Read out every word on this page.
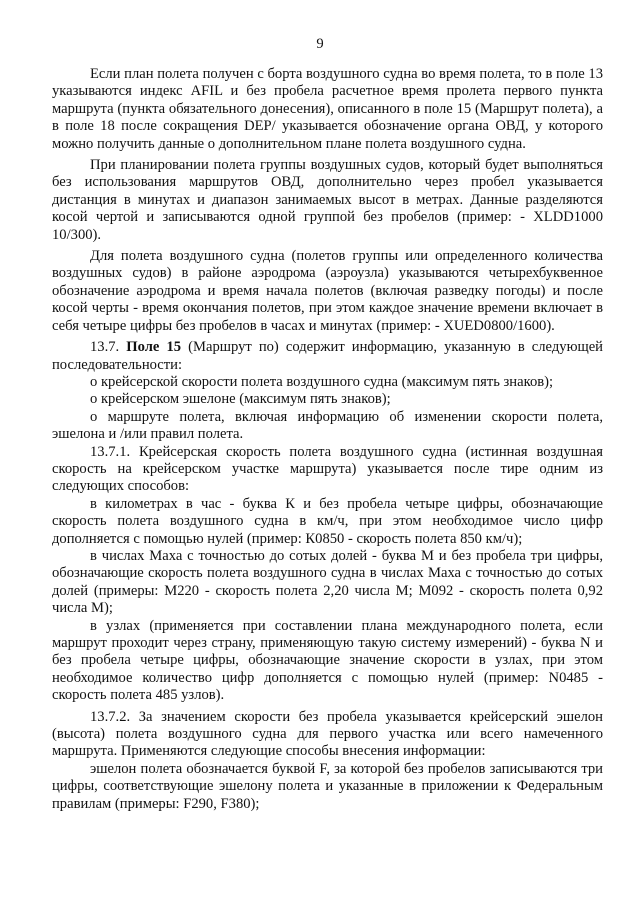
9

Если план полета получен с борта воздушного судна во время полета, то в поле 13 указываются индекс AFIL и без пробела расчетное время пролета первого пункта маршрута (пункта обязательного донесения), описанного в поле 15 (Маршрут полета), а в поле 18 после сокращения DEP/ указывается обозначение органа ОВД, у которого можно получить данные о дополнительном плане полета воздушного судна.

При планировании полета группы воздушных судов, который будет выполняться без использования маршрутов ОВД, дополнительно через пробел указывается дистанция в минутах и диапазон занимаемых высот в метрах. Данные разделяются косой чертой и записываются одной группой без пробелов (пример: - XLDD1000 10/300).

Для полета воздушного судна (полетов группы или определенного количества воздушных судов) в районе аэродрома (аэроузла) указываются четырехбуквенное обозначение аэродрома и время начала полетов (включая разведку погоды) и после косой черты - время окончания полетов, при этом каждое значение времени включает в себя четыре цифры без пробелов в часах и минутах (пример: - XUED0800/1600).

13.7. Поле 15 (Маршрут по) содержит информацию, указанную в следующей последовательности:

о крейсерской скорости полета воздушного судна (максимум пять знаков);

о крейсерском эшелоне (максимум пять знаков);

о маршруте полета, включая информацию об изменении скорости полета, эшелона и /или правил полета.

13.7.1. Крейсерская скорость полета воздушного судна (истинная воздушная скорость на крейсерском участке маршрута) указывается после тире одним из следующих способов:

в километрах в час - буква К и без пробела четыре цифры, обозначающие скорость полета воздушного судна в км/ч, при этом необходимое число цифр дополняется с помощью нулей (пример: К0850 - скорость полета 850 км/ч);

в числах Маха с точностью до сотых долей - буква М и без пробела три цифры, обозначающие скорость полета воздушного судна в числах Маха с точностью до сотых долей (примеры: М220 - скорость полета 2,20 числа М; М092 - скорость полета 0,92 числа М);

в узлах (применяется при составлении плана международного полета, если маршрут проходит через страну, применяющую такую систему измерений) - буква N и без пробела четыре цифры, обозначающие значение скорости в узлах, при этом необходимое количество цифр дополняется с помощью нулей (пример: N0485 - скорость полета 485 узлов).

13.7.2. За значением скорости без пробела указывается крейсерский эшелон (высота) полета воздушного судна для первого участка или всего намеченного маршрута. Применяются следующие способы внесения информации:

эшелон полета обозначается буквой F, за которой без пробелов записываются три цифры, соответствующие эшелону полета и указанные в приложении к Федеральным правилам (примеры: F290, F380);
